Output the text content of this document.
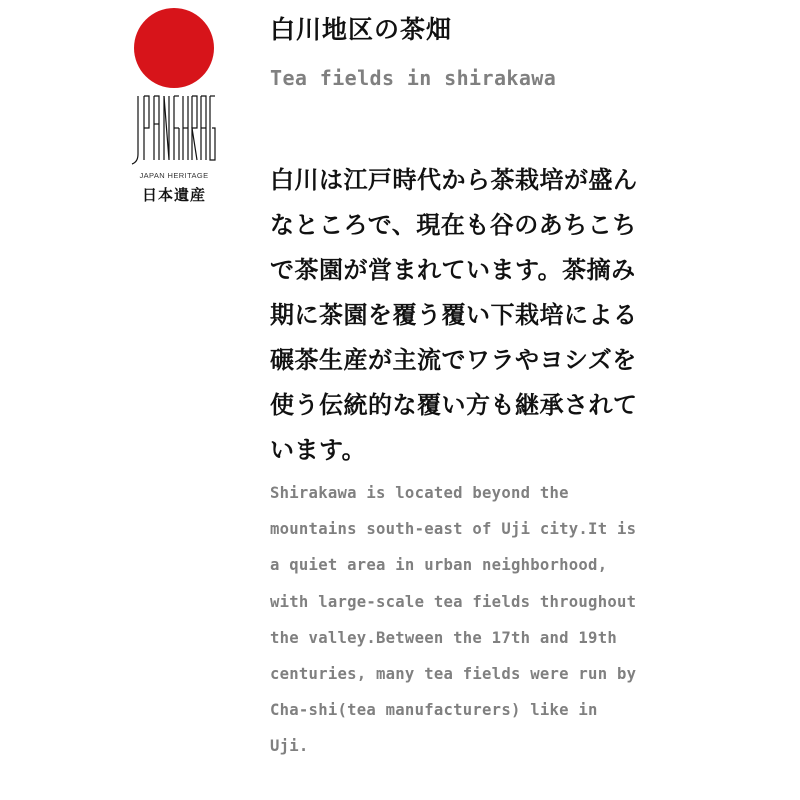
JAPAN HERITAGE
日本遺産
白川地区の茶畑
Tea fields in shirakawa
白川は江戸時代から茶栽培が盛んなところで、現在も谷のあちこちで茶園が営まれています。茶摘み期に茶園を覆う覆い下栽培による碾茶生産が主流でワラやヨシズを使う伝統的な覆い方も継承されています。
Shirakawa is located beyond the mountains south-east of Uji city.It is a quiet area in urban neighborhood, with large-scale tea fields throughout the valley.Between the 17th and 19th centuries, many tea fields were run by Cha-shi(tea manufacturers) like in Uji.
